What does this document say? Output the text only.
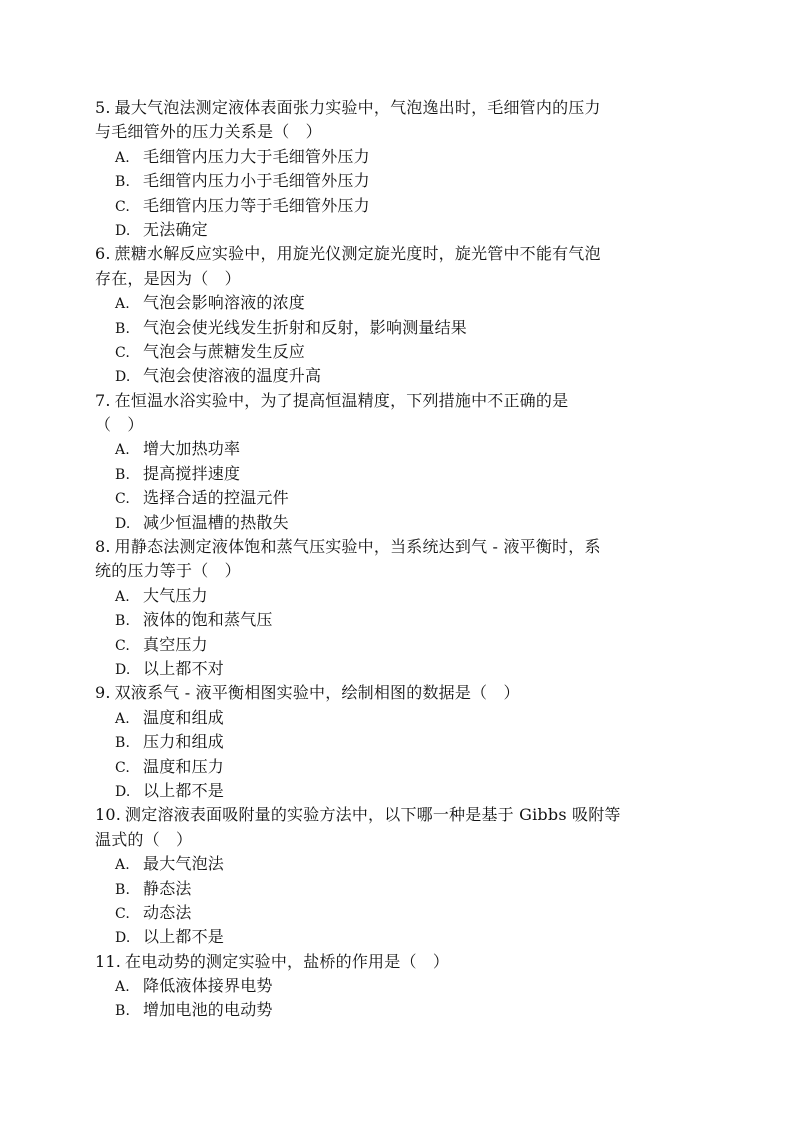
5. 最大气泡法测定液体表面张力实验中，气泡逸出时，毛细管内的压力
与毛细管外的压力关系是（　）
A. 毛细管内压力大于毛细管外压力
B. 毛细管内压力小于毛细管外压力
C. 毛细管内压力等于毛细管外压力
D. 无法确定
6. 蔗糖水解反应实验中，用旋光仪测定旋光度时，旋光管中不能有气泡
存在，是因为（　）
A. 气泡会影响溶液的浓度
B. 气泡会使光线发生折射和反射，影响测量结果
C. 气泡会与蔗糖发生反应
D. 气泡会使溶液的温度升高
7. 在恒温水浴实验中，为了提高恒温精度，下列措施中不正确的是
（　）
A. 增大加热功率
B. 提高搅拌速度
C. 选择合适的控温元件
D. 减少恒温槽的热散失
8. 用静态法测定液体饱和蒸气压实验中，当系统达到气 - 液平衡时，系
统的压力等于（　）
A. 大气压力
B. 液体的饱和蒸气压
C. 真空压力
D. 以上都不对
9. 双液系气 - 液平衡相图实验中，绘制相图的数据是（　）
A. 温度和组成
B. 压力和组成
C. 温度和压力
D. 以上都不是
10. 测定溶液表面吸附量的实验方法中，以下哪一种是基于 Gibbs 吸附等
温式的（　）
A. 最大气泡法
B. 静态法
C. 动态法
D. 以上都不是
11. 在电动势的测定实验中，盐桥的作用是（　）
A. 降低液体接界电势
B. 增加电池的电动势
